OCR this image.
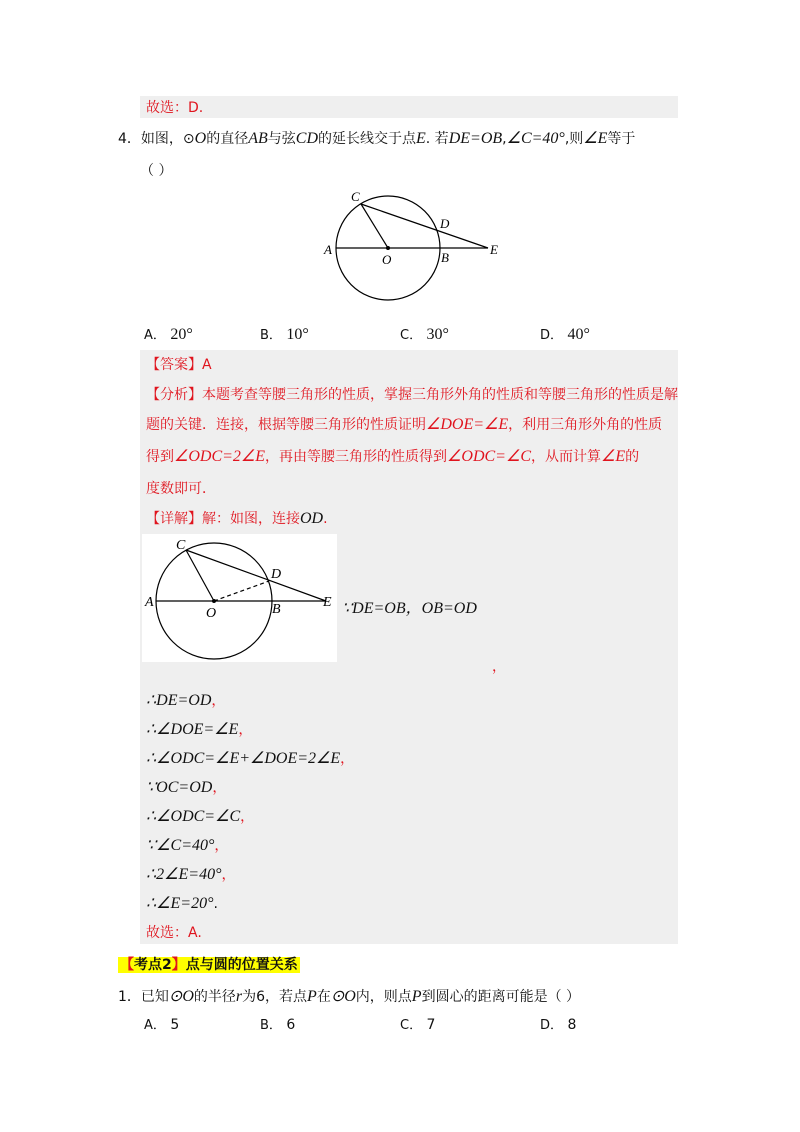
故选：D.
4．如图，⊙O的直径AB与弦CD的延长线交于点E. 若DE=OB,∠C=40°,则∠E等于
（ ）
C
D
A
O	B
E
A． 20°	B． 10°	C． 30°	D． 40°
【答案】A
【分析】本题考查等腰三角形的性质，掌握三角形外角的性质和等腰三角形的性质是解
题的关键．连接，根据等腰三角形的性质证明∠DOE=∠E，利用三角形外角的性质
得到∠ODC=2∠E，再由等腰三角形的性质得到∠ODC=∠C，从而计算∠E的
度数即可．
【详解】解：如图，连接OD.
C
D
A
O	B	E ∵DE=OB，OB=OD
，
∴DE=OD，
∴∠DOE=∠E，
∴∠ODC=∠E+∠DOE=2∠E，
∵OC=OD，
∴∠ODC=∠C，
∵∠C=40°，
∴2∠E=40°，
∴∠E=20°.
故选：A.
【考点2】点与圆的位置关系
1．已知⊙O的半径r为6，若点P在⊙O内，则点P到圆心的距离可能是（ ）
A． 5	B． 6	C． 7	D． 8
